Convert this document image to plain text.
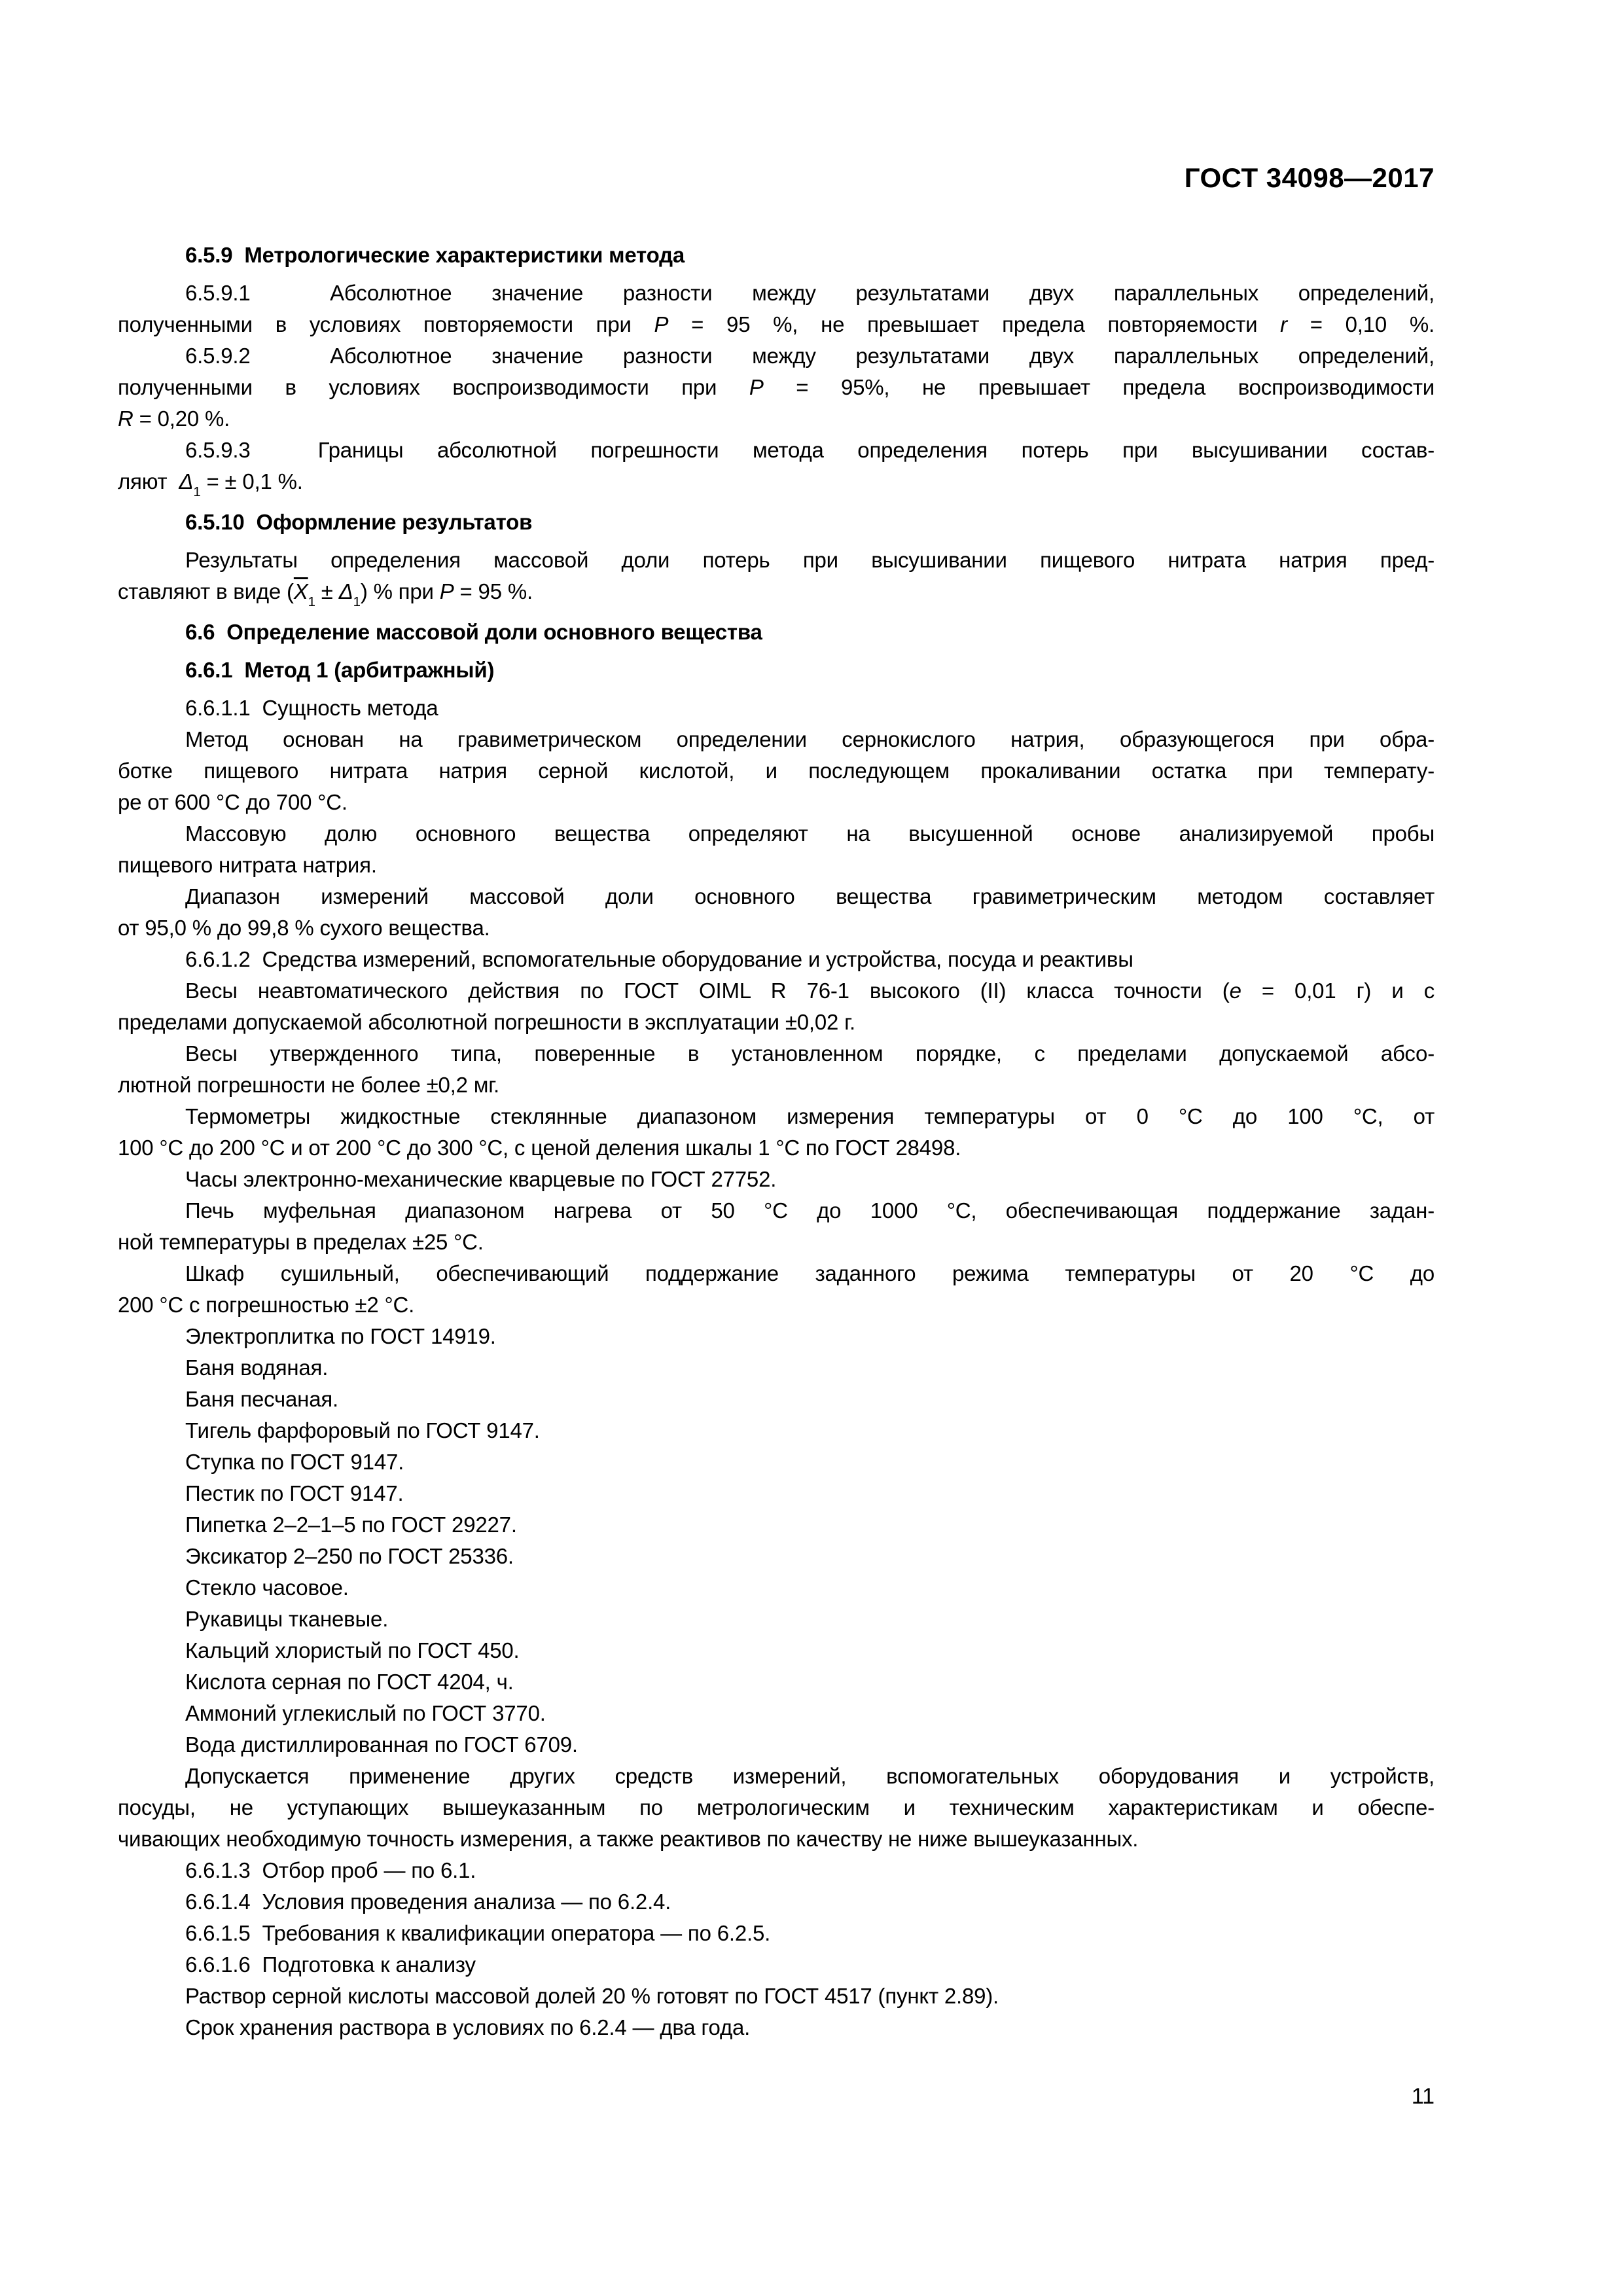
ГОСТ 34098—2017
6.5.9  Метрологические характеристики метода
6.5.9.1  Абсолютное значение разности между результатами двух параллельных определений,
полученными в условиях повторяемости при P = 95 %, не превышает предела повторяемости r = 0,10 %.
6.5.9.2  Абсолютное значение разности между результатами двух параллельных определений,
полученными в условиях воспроизводимости при P = 95%, не превышает предела воспроизводимости
R = 0,20 %.
6.5.9.3  Границы абсолютной погрешности метода определения потерь при высушивании состав-
ляют  $\Delta_1$ = ± 0,1 %.
6.5.10  Оформление результатов
Результаты определения массовой доли потерь при высушивании пищевого нитрата натрия пред-
ставляют в виде $(\overline{X}_1 \pm \Delta_1)$ % при P = 95 %.
6.6  Определение массовой доли основного вещества
6.6.1  Метод 1 (арбитражный)
6.6.1.1  Сущность метода
Метод основан на гравиметрическом определении сернокислого натрия, образующегося при обра-
ботке пищевого нитрата натрия серной кислотой, и последующем прокаливании остатка при температу-
ре от 600 °С до 700 °С.
Массовую долю основного вещества определяют на высушенной основе анализируемой пробы
пищевого нитрата натрия.
Диапазон измерений массовой доли основного вещества гравиметрическим методом составляет
от 95,0 % до 99,8 % сухого вещества.
6.6.1.2  Средства измерений, вспомогательные оборудование и устройства, посуда и реактивы
Весы неавтоматического действия по ГОСТ OIML R 76-1 высокого (II) класса точности (e = 0,01 г) и с
пределами допускаемой абсолютной погрешности в эксплуатации ±0,02 г.
Весы утвержденного типа, поверенные в установленном порядке, с пределами допускаемой абсо-
лютной погрешности не более ±0,2 мг.
Термометры жидкостные стеклянные диапазоном измерения температуры от 0 °С до 100 °С, от
100 °С до 200 °С и от 200 °С до 300 °С, с ценой деления шкалы 1 °С по ГОСТ 28498.
Часы электронно-механические кварцевые по ГОСТ 27752.
Печь муфельная диапазоном нагрева от 50 °С до 1000 °С, обеспечивающая поддержание задан-
ной температуры в пределах ±25 °С.
Шкаф сушильный, обеспечивающий поддержание заданного режима температуры от 20 °С до
200 °С с погрешностью ±2 °С.
Электроплитка по ГОСТ 14919.
Баня водяная.
Баня песчаная.
Тигель фарфоровый по ГОСТ 9147.
Ступка по ГОСТ 9147.
Пестик по ГОСТ 9147.
Пипетка 2–2–1–5 по ГОСТ 29227.
Эксикатор 2–250 по ГОСТ 25336.
Стекло часовое.
Рукавицы тканевые.
Кальций хлористый по ГОСТ 450.
Кислота серная по ГОСТ 4204, ч.
Аммоний углекислый по ГОСТ 3770.
Вода дистиллированная по ГОСТ 6709.
Допускается применение других средств измерений, вспомогательных оборудования и устройств,
посуды, не уступающих вышеуказанным по метрологическим и техническим характеристикам и обеспе-
чивающих необходимую точность измерения, а также реактивов по качеству не ниже вышеуказанных.
6.6.1.3  Отбор проб — по 6.1.
6.6.1.4  Условия проведения анализа — по 6.2.4.
6.6.1.5  Требования к квалификации оператора — по 6.2.5.
6.6.1.6  Подготовка к анализу
Раствор серной кислоты массовой долей 20 % готовят по ГОСТ 4517 (пункт 2.89).
Срок хранения раствора в условиях по 6.2.4 — два года.
11
